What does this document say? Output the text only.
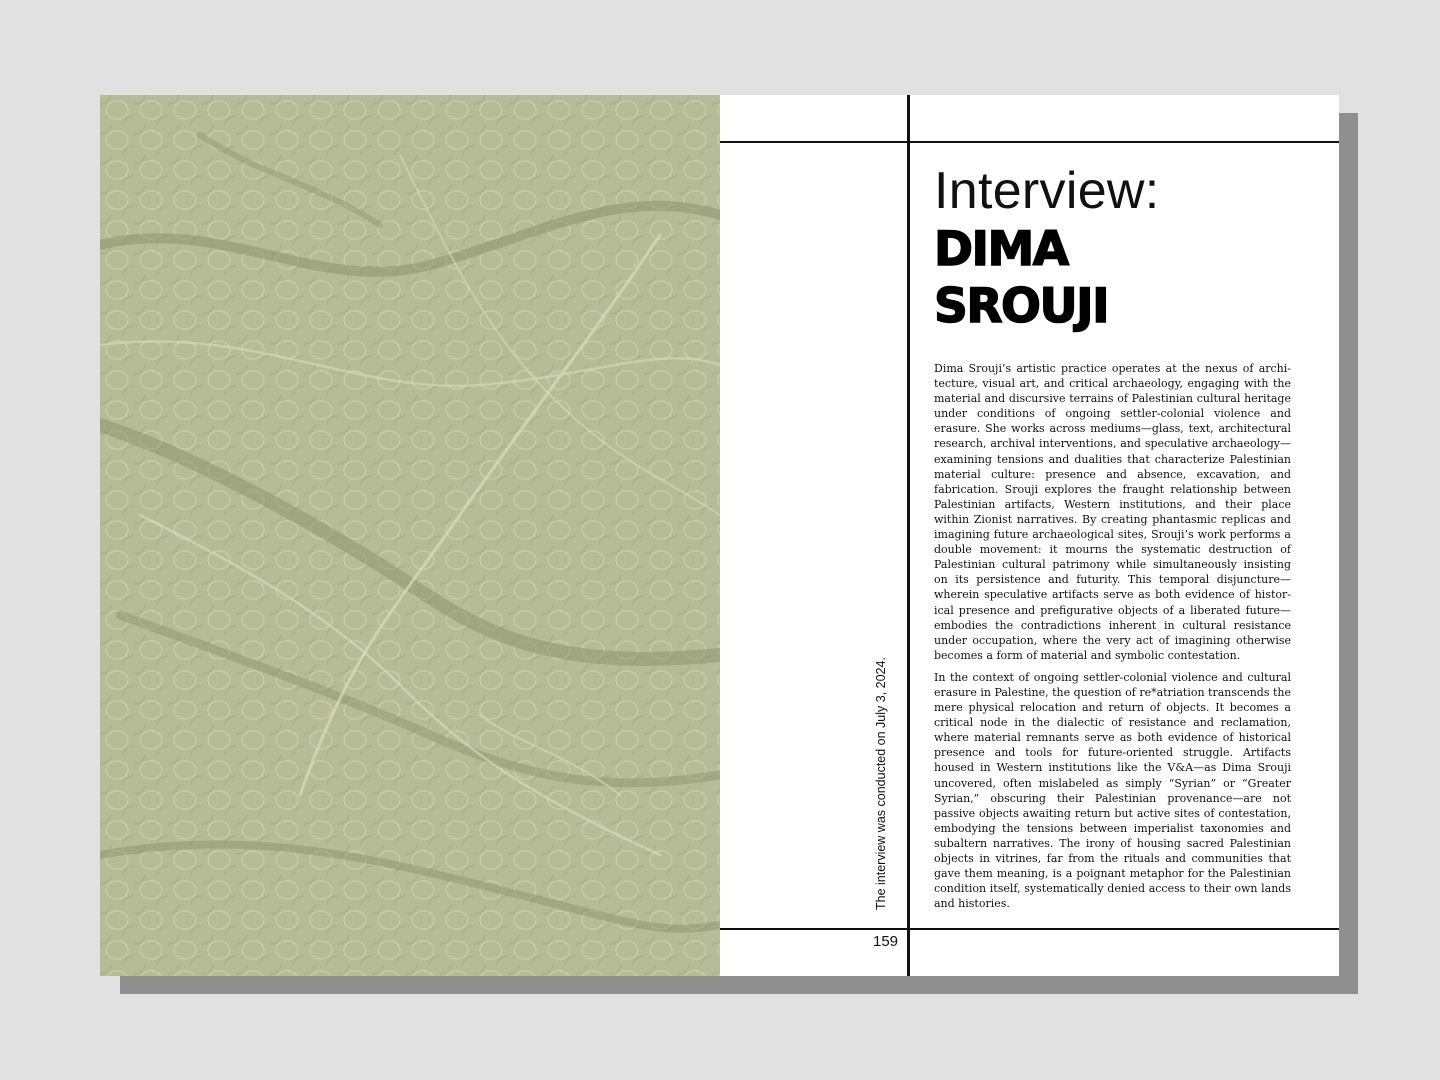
The interview was conducted on July 3, 2024.
159
Interview:
DIMA
SROUJI

Dima Srouji’s artistic practice operates at the nexus of architecture, visual art, and critical archaeology, engaging with the material and discursive terrains of Palestinian cultural heritage under conditions of ongoing settler-colonial violence and erasure. She works across mediums—glass, text, architectural research, archival interventions, and speculative archaeology—examining tensions and dualities that characterize Palestinian material culture: presence and absence, excavation, and fabrication. Srouji explores the fraught relationship between Palestinian artifacts, Western institutions, and their place within Zionist narratives. By creating phantasmic replicas and imagining future archaeological sites, Srouji’s work performs a double movement: it mourns the systematic destruction of Palestinian cultural patrimony while simultaneously insisting on its persistence and futurity. This temporal disjuncture—wherein speculative artifacts serve as both evidence of historical presence and prefigurative objects of a liberated future—embodies the contradictions inherent in cultural resistance under occupation, where the very act of imagining otherwise becomes a form of material and symbolic contestation.

In the context of ongoing settler-colonial violence and cultural erasure in Palestine, the question of re*atriation transcends the mere physical relocation and return of objects. It becomes a critical node in the dialectic of resistance and reclamation, where material remnants serve as both evidence of historical presence and tools for future-oriented struggle. Artifacts housed in Western institutions like the V&A—as Dima Srouji uncovered, often mislabeled as simply “Syrian” or “Greater Syrian,” obscuring their Palestinian provenance—are not passive objects awaiting return but active sites of contestation, embodying the tensions between imperialist taxonomies and subaltern narratives. The irony of housing sacred Palestinian objects in vitrines, far from the rituals and communities that gave them meaning, is a poignant metaphor for the Palestinian condition itself, systematically denied access to their own lands and histories.
